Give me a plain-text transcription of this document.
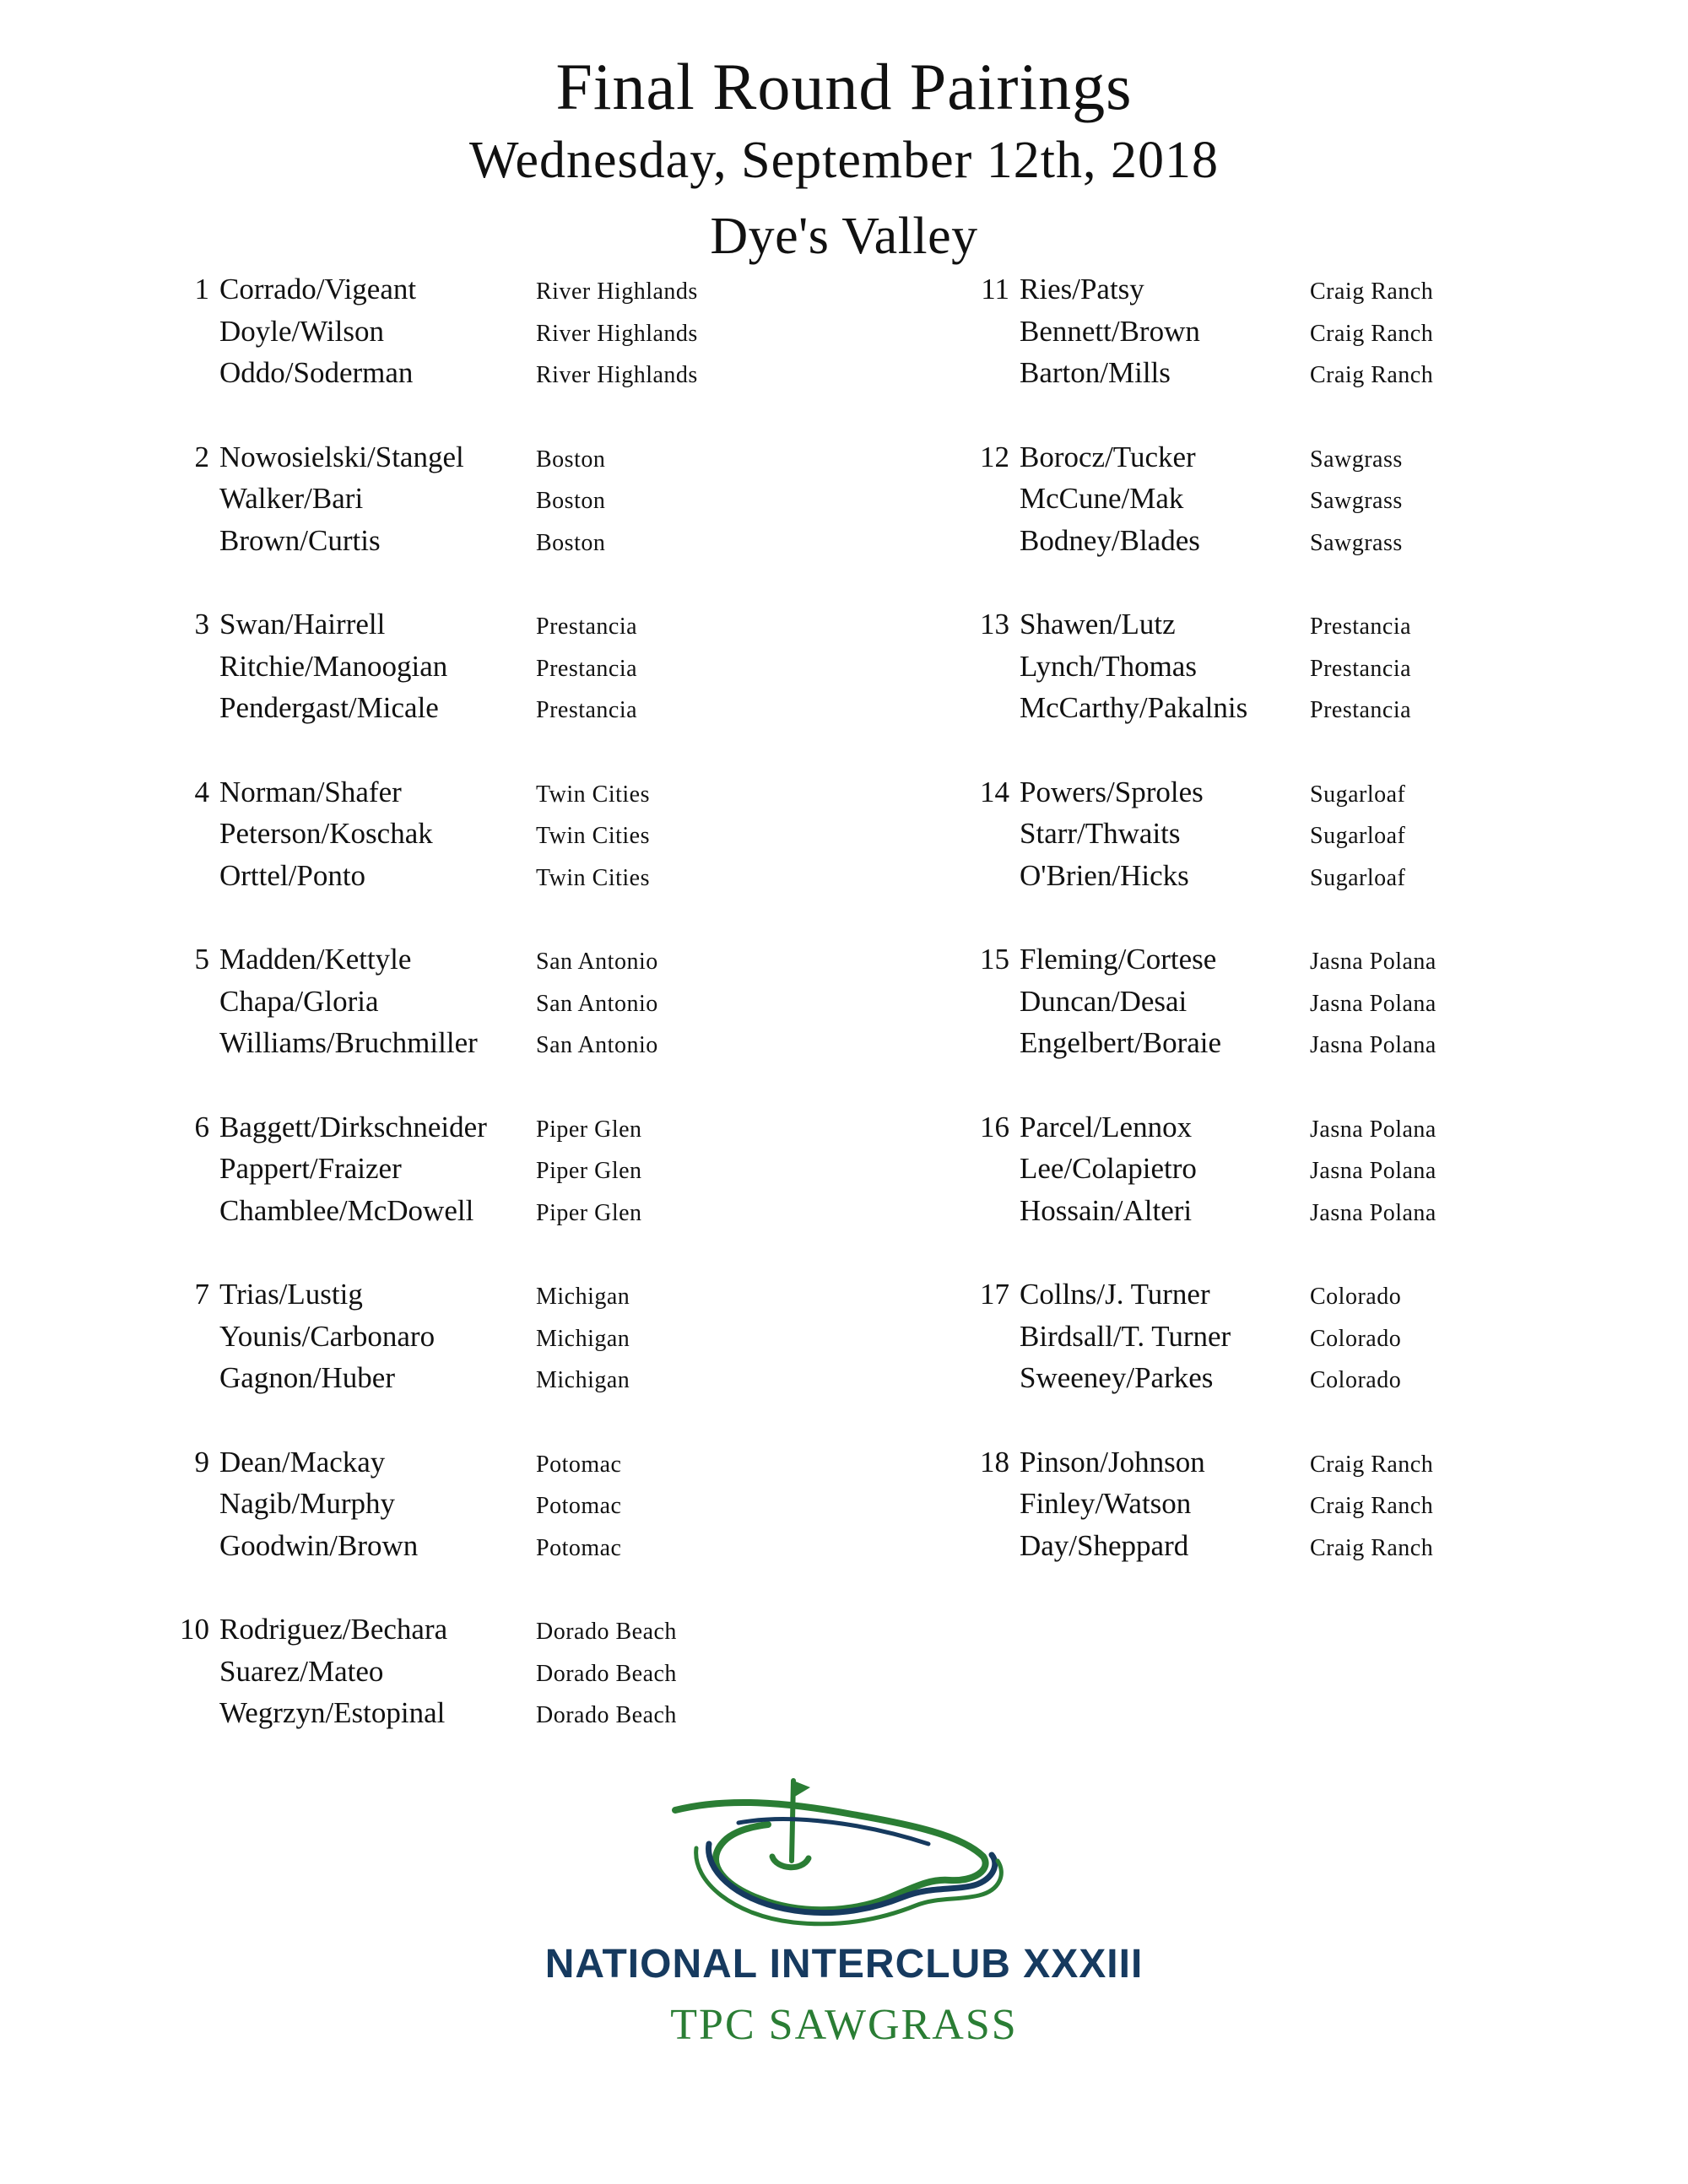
Final Round Pairings
Wednesday, September 12th, 2018
Dye's Valley
1 Corrado/Vigeant	River Highlands
Doyle/Wilson	River Highlands
Oddo/Soderman	River Highlands
2 Nowosielski/Stangel	Boston
Walker/Bari	Boston
Brown/Curtis	Boston
3 Swan/Hairrell	Prestancia
Ritchie/Manoogian	Prestancia
Pendergast/Micale	Prestancia
4 Norman/Shafer	Twin Cities
Peterson/Koschak	Twin Cities
Orttel/Ponto	Twin Cities
5 Madden/Kettyle	San Antonio
Chapa/Gloria	San Antonio
Williams/Bruchmiller San Antonio
6 Baggett/Dirkschneider Piper Glen
Pappert/Fraizer	Piper Glen
Chamblee/McDowell	Piper Glen
7 Trias/Lustig	Michigan
Younis/Carbonaro	Michigan
Gagnon/Huber	Michigan
9 Dean/Mackay	Potomac
Nagib/Murphy	Potomac
Goodwin/Brown	Potomac
10 Rodriguez/Bechara	Dorado Beach
Suarez/Mateo	Dorado Beach
Wegrzyn/Estopinal	Dorado Beach
11 Ries/Patsy	Craig Ranch
Bennett/Brown	Craig Ranch
Barton/Mills	Craig Ranch
12 Borocz/Tucker	Sawgrass
McCune/Mak	Sawgrass
Bodney/Blades	Sawgrass
13 Shawen/Lutz	Prestancia
Lynch/Thomas	Prestancia
McCarthy/Pakalnis	Prestancia
14 Powers/Sproles	Sugarloaf
Starr/Thwaits	Sugarloaf
O'Brien/Hicks	Sugarloaf
15 Fleming/Cortese	Jasna Polana
Duncan/Desai	Jasna Polana
Engelbert/Boraie	Jasna Polana
16 Parcel/Lennox	Jasna Polana
Lee/Colapietro	Jasna Polana
Hossain/Alteri	Jasna Polana
17 Collns/J. Turner	Colorado
Birdsall/T. Turner	Colorado
Sweeney/Parkes	Colorado
18 Pinson/Johnson	Craig Ranch
Finley/Watson	Craig Ranch
Day/Sheppard	Craig Ranch
NATIONAL INTERCLUB XXXIII
TPC SAWGRASS
